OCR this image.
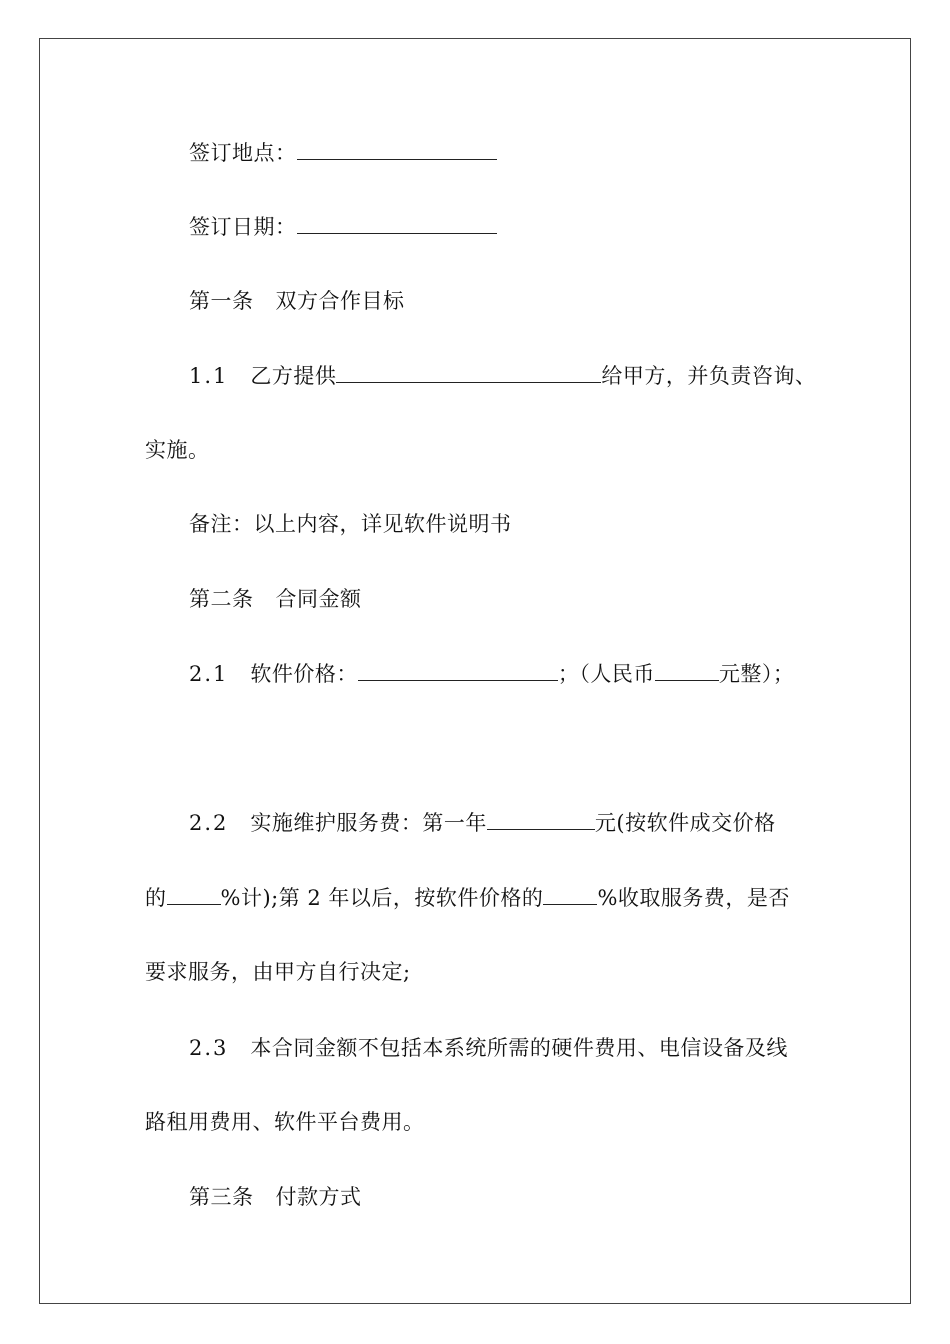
签订地点：
签订日期：
第一条 双方合作目标
1.1 乙方提供	给甲方，并负责咨询、
实施。
备注：以上内容，详见软件说明书
第二条 合同金额
2.1 软件价格：	；（人民币	元整）；
2.2 实施维护服务费：第一年	元(按软件成交价格
的	%计);第 2 年以后，按软件价格的	%收取服务费，是否
要求服务，由甲方自行决定;
2.3 本合同金额不包括本系统所需的硬件费用、电信设备及线
路租用费用、软件平台费用。
第三条 付款方式
